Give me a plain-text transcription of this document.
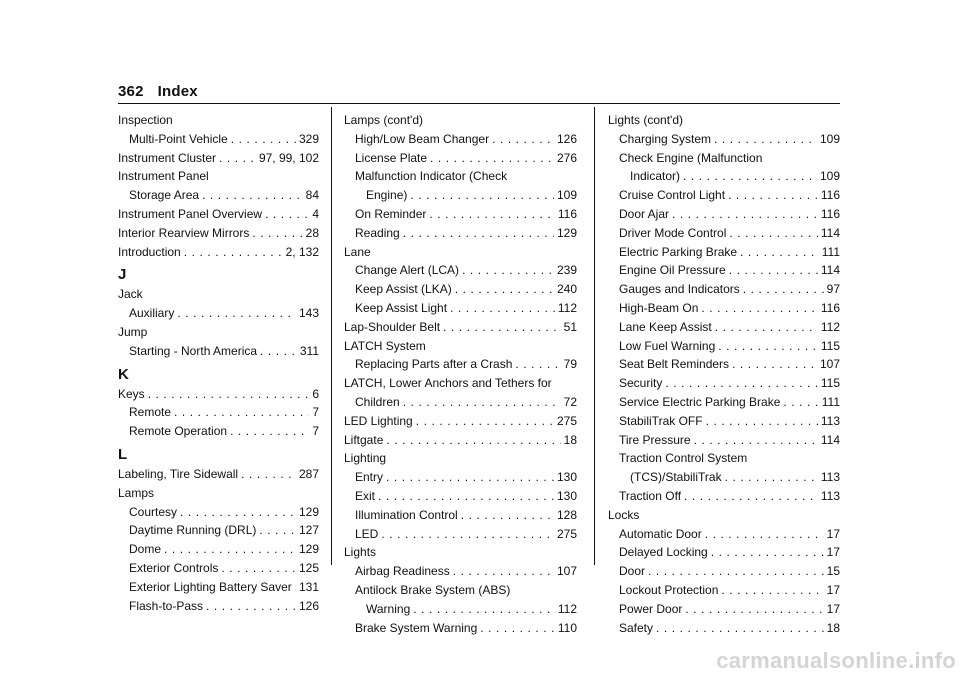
362 Index
Inspection
Multi-Point Vehicle . . .	329
Instrument Cluster . . .	97, 99, 102
Instrument Panel
Storage Area . . .	84
Instrument Panel Overview . . .	4
Interior Rearview Mirrors . . .	28
Introduction . . .	2, 132
J
Jack
Auxiliary . . .	143
Jump
Starting - North America . . .	311
K
Keys . . .	6
Remote . . .	7
Remote Operation . . .	7
L
Labeling, Tire Sidewall . . .	287
Lamps
Courtesy . . .	129
Daytime Running (DRL) . . .	127
Dome . . .	129
Exterior Controls . . .	125
Exterior Lighting Battery Saver . . . 131
Flash-to-Pass . . .	126
Lamps (cont'd)
High/Low Beam Changer . . .	126
License Plate . . .	276
Malfunction Indicator (Check
Engine) . . .	109
On Reminder . . .	116
Reading . . .	129
Lane
Change Alert (LCA) . . .	239
Keep Assist (LKA) . . .	240
Keep Assist Light . . .	112
Lap-Shoulder Belt . . .	51
LATCH System
Replacing Parts after a Crash . . .	79
LATCH, Lower Anchors and Tethers for
Children . . .	72
LED Lighting . . .	275
Liftgate . . .	18
Lighting
Entry . . .	130
Exit . . .	130
Illumination Control . . .	128
LED . . .	275
Lights
Airbag Readiness . . .	107
Antilock Brake System (ABS)
Warning . . .	112
Brake System Warning . . .	110
Lights (cont'd)
Charging System . . .	109
Check Engine (Malfunction
Indicator) . . .	109
Cruise Control Light . . .	116
Door Ajar . . .	116
Driver Mode Control . . .	114
Electric Parking Brake . . .	111
Engine Oil Pressure . . .	114
Gauges and Indicators . . .	97
High-Beam On . . .	116
Lane Keep Assist . . .	112
Low Fuel Warning . . .	115
Seat Belt Reminders . . .	107
Security . . .	115
Service Electric Parking Brake . . .	111
StabiliTrak OFF . . .	113
Tire Pressure . . .	114
Traction Control System
(TCS)/StabiliTrak . . .	113
Traction Off . . .	113
Locks
Automatic Door . . .	17
Delayed Locking . . .	17
Door . . .	15
Lockout Protection . . .	17
Power Door . . .	17
Safety . . .	18
carmanualsonline.info
